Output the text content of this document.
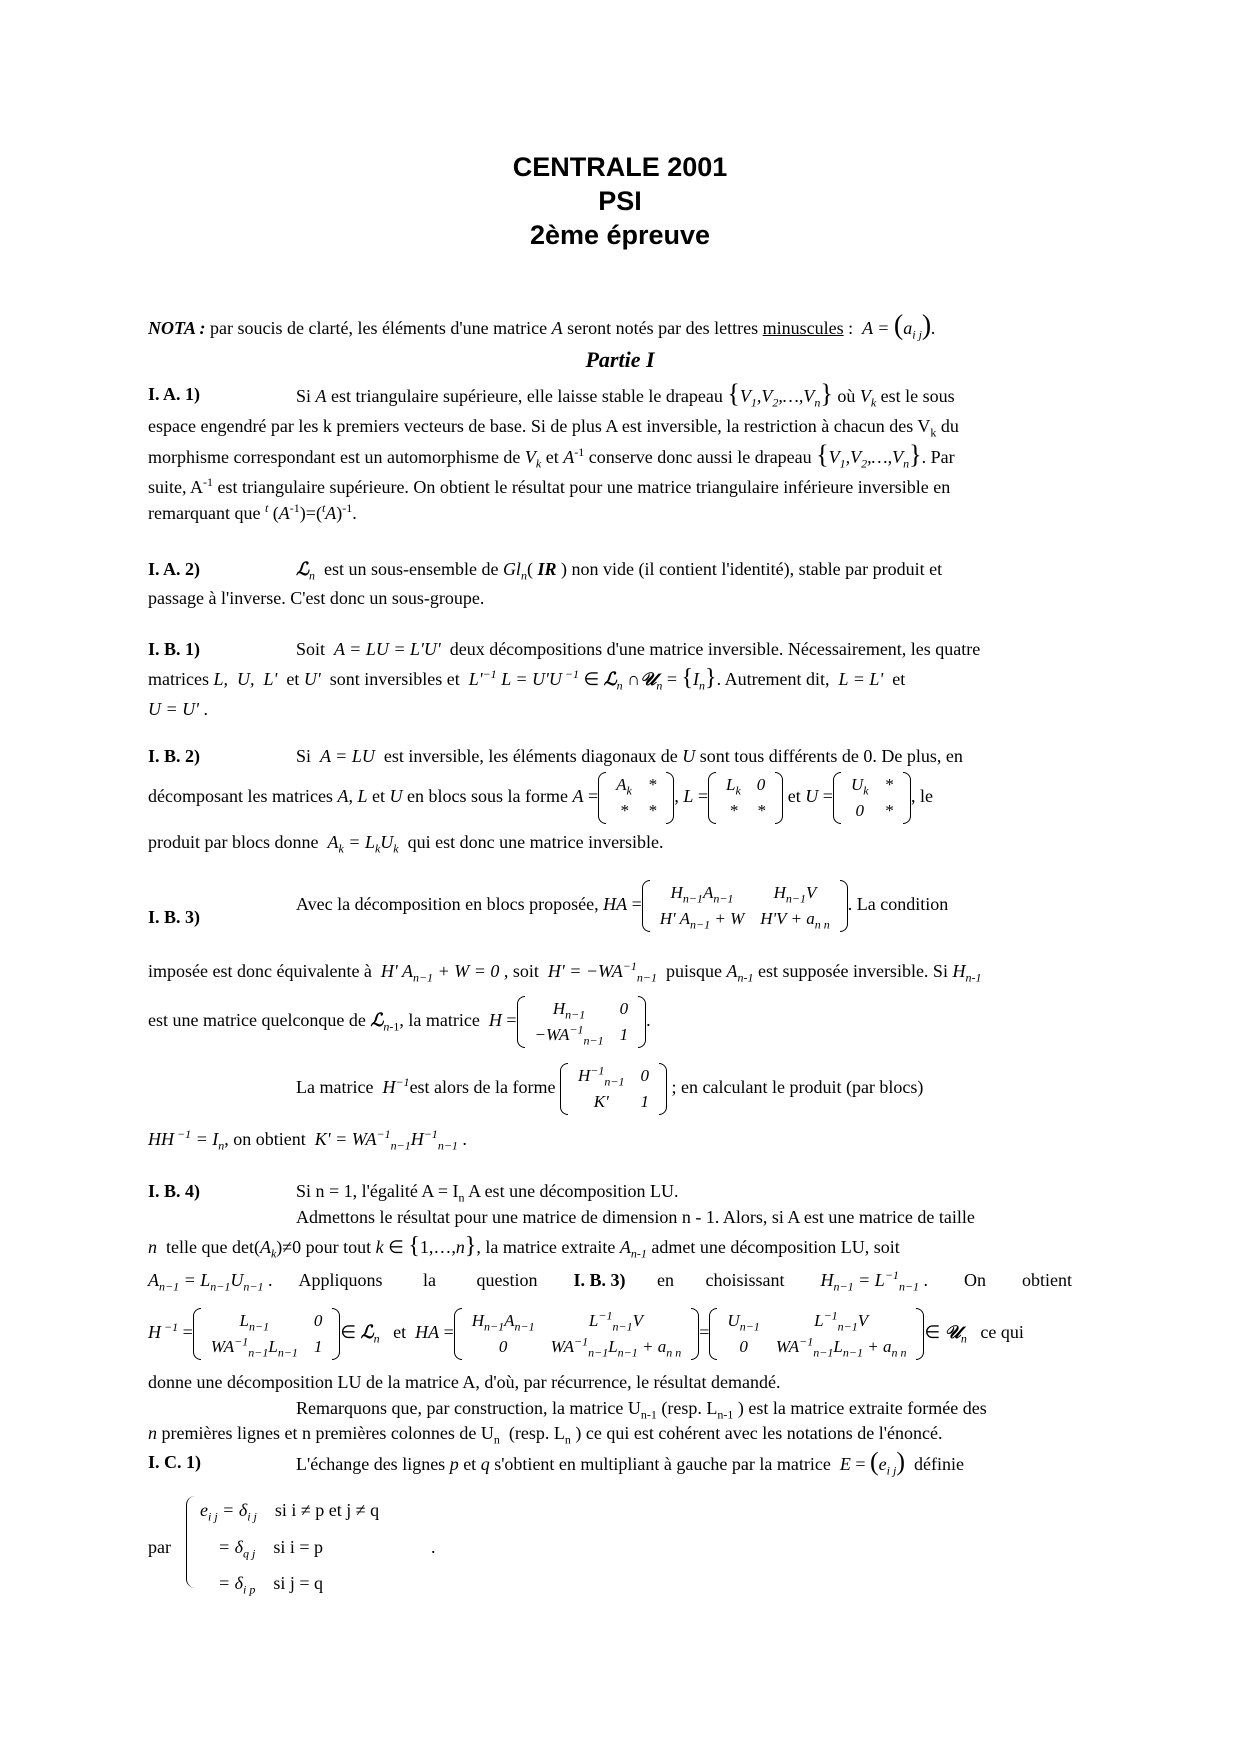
CENTRALE 2001
PSI
2ème épreuve
NOTA : par soucis de clarté, les éléments d'une matrice A seront notés par des lettres minuscules :  $A = (a_{i j})$.
Partie I
I. A. 1)	Si A est triangulaire supérieure, elle laisse stable le drapeau $\{V_1,V_2,\dots,V_n\}$ où $V_k$ est le sous
espace engendré par les k premiers vecteurs de base. Si de plus A est inversible, la restriction à chacun des $V_k$ du
morphisme correspondant est un automorphisme de $V_k$ et $A^{-1}$ conserve donc aussi le drapeau $\{V_1,V_2,\dots,V_n\}$. Par
suite, $A^{-1}$ est triangulaire supérieure. On obtient le résultat pour une matrice triangulaire inférieure inversible en
remarquant que $^t$ $(A^{-1})=(^tA)^{-1}$.
I. A. 2)	ℒ$_n$ est un sous-ensemble de $Gl_n$( IR ) non vide (il contient l'identité), stable par produit et
passage à l'inverse. C'est donc un sous-groupe.
I. B. 1)	Soit  A = LU = L'U' deux décompositions d'une matrice inversible. Nécessairement, les quatre
matrices L,  U,  L' et U' sont inversibles et  $L'^{-1}$ L = U'U $^{-1}$ ∈ ℒ$_n$ ∩𝒰$_n$ = $\{I_n\}$. Autrement dit,  L = L' et
U = U' .
I. B. 2)	Si  A = LU est inversible, les éléments diagonaux de U sont tous différents de 0. De plus, en
décomposant les matrices A, L et U en blocs sous la forme A =
$A_k$	*
*	*
, L =
$L_k$	0
*	*
et U =
$U_k$	*
0	*
, le
produit par blocs donne  $A_k = L_kU_k$ qui est donc une matrice inversible.
I. B. 3)
Avec la décomposition en blocs proposée, HA =
$H_{n-1}A_{n-1}$	$H_{n-1}V$
H' $A_{n-1} + W$	$H'V + a_{n n}$
. La condition
imposée est donc équivalente à  H' $A_{n-1} + W = 0$ , soit  $H' = -WA^{-1}_{n-1}$ puisque $A_{n-1}$ est supposée inversible. Si $H_{n-1}$
est une matrice quelconque de ℒ$_{n-1}$, la matrice  H =
$H_{n-1}$	0
$-WA^{-1}_{n-1}$	1
.
La matrice  $H^{-1}est$ alors de la forme
$H^{-1}_{n-1}$	0
K'	1
; en calculant le produit (par blocs)
HH $^{-1} = I_n$, on obtient  $K' = WA^{-1}_{n-1}H^{-1}_{n-1}$ .
I. B. 4)	Si n = 1, l'égalité $A = I_n$ A est une décomposition LU.
Admettons le résultat pour une matrice de dimension n - 1. Alors, si A est une matrice de taille
n telle que $\det(A_k)\ne 0$ pour tout k ∈ {1,…,n}, la matrice extraite $A_{n-1}$ admet une décomposition LU, soit
$A_{n-1} = L_{n-1}U_{n-1}$ .      Appliquons la question I. B. 3) en choisissant $H_{n-1} = L^{-1}_{n-1}$ .        On obtient
H $^{-1}$ =
$L_{n-1}$	0
$WA^{-1}_{n-1}L_{n-1}$	1
∈ ℒ$_n$ et  HA =
$H_{n-1}A_{n-1}$	$L^{-1}_{n-1}V$
0	$WA^{-1}_{n-1}L_{n-1} + a_{n n}$
=
$U_{n-1}$	$L^{-1}_{n-1}V$
0	$WA^{-1}_{n-1}L_{n-1} + a_{n n}$
∈ 𝒰$_n$ ce qui
donne une décomposition LU de la matrice A, d'où, par récurrence, le résultat demandé.
Remarquons que, par construction, la matrice $U_{n-1}$ (resp. $L_{n-1}$ ) est la matrice extraite formée des
n premières lignes et n premières colonnes de $U_n$ (resp. $L_n$ ) ce qui est cohérent avec les notations de l'énoncé.
I. C. 1)	L'échange des lignes p et q s'obtient en multipliant à gauche par la matrice  $E = (e_{i j})$ définie
par
$e_{i j} = \delta_{i j}$ si i ≠ p et j ≠ q
= $\delta_{q j}$ si i = p                        .
= $\delta_{i p}$ si j = q
